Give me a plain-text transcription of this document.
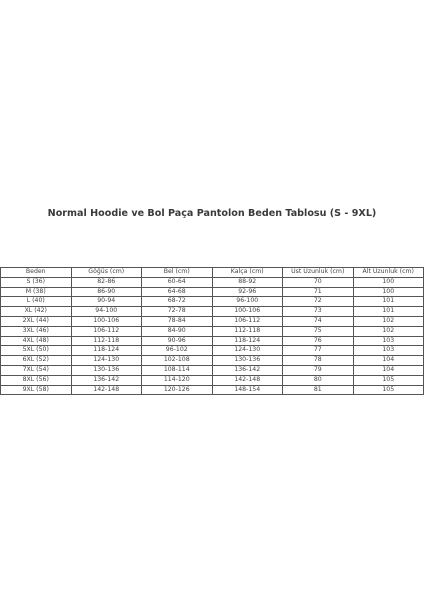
Normal Hoodie ve Bol Paça Pantolon Beden Tablosu (S - 9XL)
Beden	Göğüs (cm)	Bel (cm)	Kalça (cm)	Üst Uzunluk (cm)	Alt Uzunluk (cm)
S (36)	82-86	60-64	88-92	70	100
M (38)	86-90	64-68	92-96	71	100
L (40)	90-94	68-72	96-100	72	101
XL (42)	94-100	72-78	100-106	73	101
2XL (44)	100-106	78-84	106-112	74	102
3XL (46)	106-112	84-90	112-118	75	102
4XL (48)	112-118	90-96	118-124	76	103
5XL (50)	118-124	96-102	124-130	77	103
6XL (52)	124-130	102-108	130-136	78	104
7XL (54)	130-136	108-114	136-142	79	104
8XL (56)	136-142	114-120	142-148	80	105
9XL (58)	142-148	120-126	148-154	81	105
